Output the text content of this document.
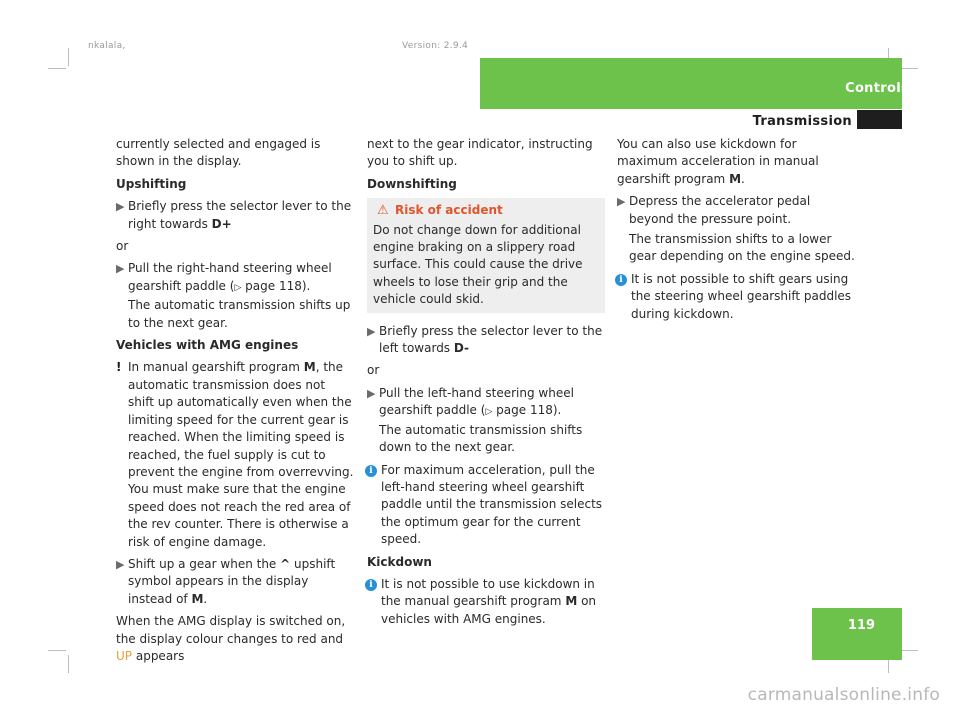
nkalala,	Version: 2.9.4
Controls
Transmission
119

currently selected and engaged is shown in the display.

Upshifting

▶ Briefly press the selector lever to the right towards D+

or

▶ Pull the right-hand steering wheel gearshift paddle (▷ page 118).
The automatic transmission shifts up to the next gear.

Vehicles with AMG engines

! In manual gearshift program M, the automatic transmission does not shift up automatically even when the limiting speed for the current gear is reached. When the limiting speed is reached, the fuel supply is cut to prevent the engine from overrevving.
You must make sure that the engine speed does not reach the red area of the rev counter. There is otherwise a risk of engine damage.
▶ Shift up a gear when the ^ upshift symbol appears in the display instead of M.

When the AMG display is switched on, the display colour changes to red and UP appears

next to the gear indicator, instructing you to shift up.

Downshifting

⚠ Risk of accident
Do not change down for additional engine braking on a slippery road surface. This could cause the drive wheels to lose their grip and the vehicle could skid.
▶ Briefly press the selector lever to the left towards D-

or

▶ Pull the left-hand steering wheel gearshift paddle (▷ page 118).
The automatic transmission shifts down to the next gear.
i For maximum acceleration, pull the left-hand steering wheel gearshift paddle until the transmission selects the optimum gear for the current speed.

Kickdown

i It is not possible to use kickdown in the manual gearshift program M on vehicles with AMG engines.

You can also use kickdown for maximum acceleration in manual gearshift program M.

▶ Depress the accelerator pedal beyond the pressure point.
The transmission shifts to a lower gear depending on the engine speed.
i It is not possible to shift gears using the steering wheel gearshift paddles during kickdown.
carmanualsonline.info
